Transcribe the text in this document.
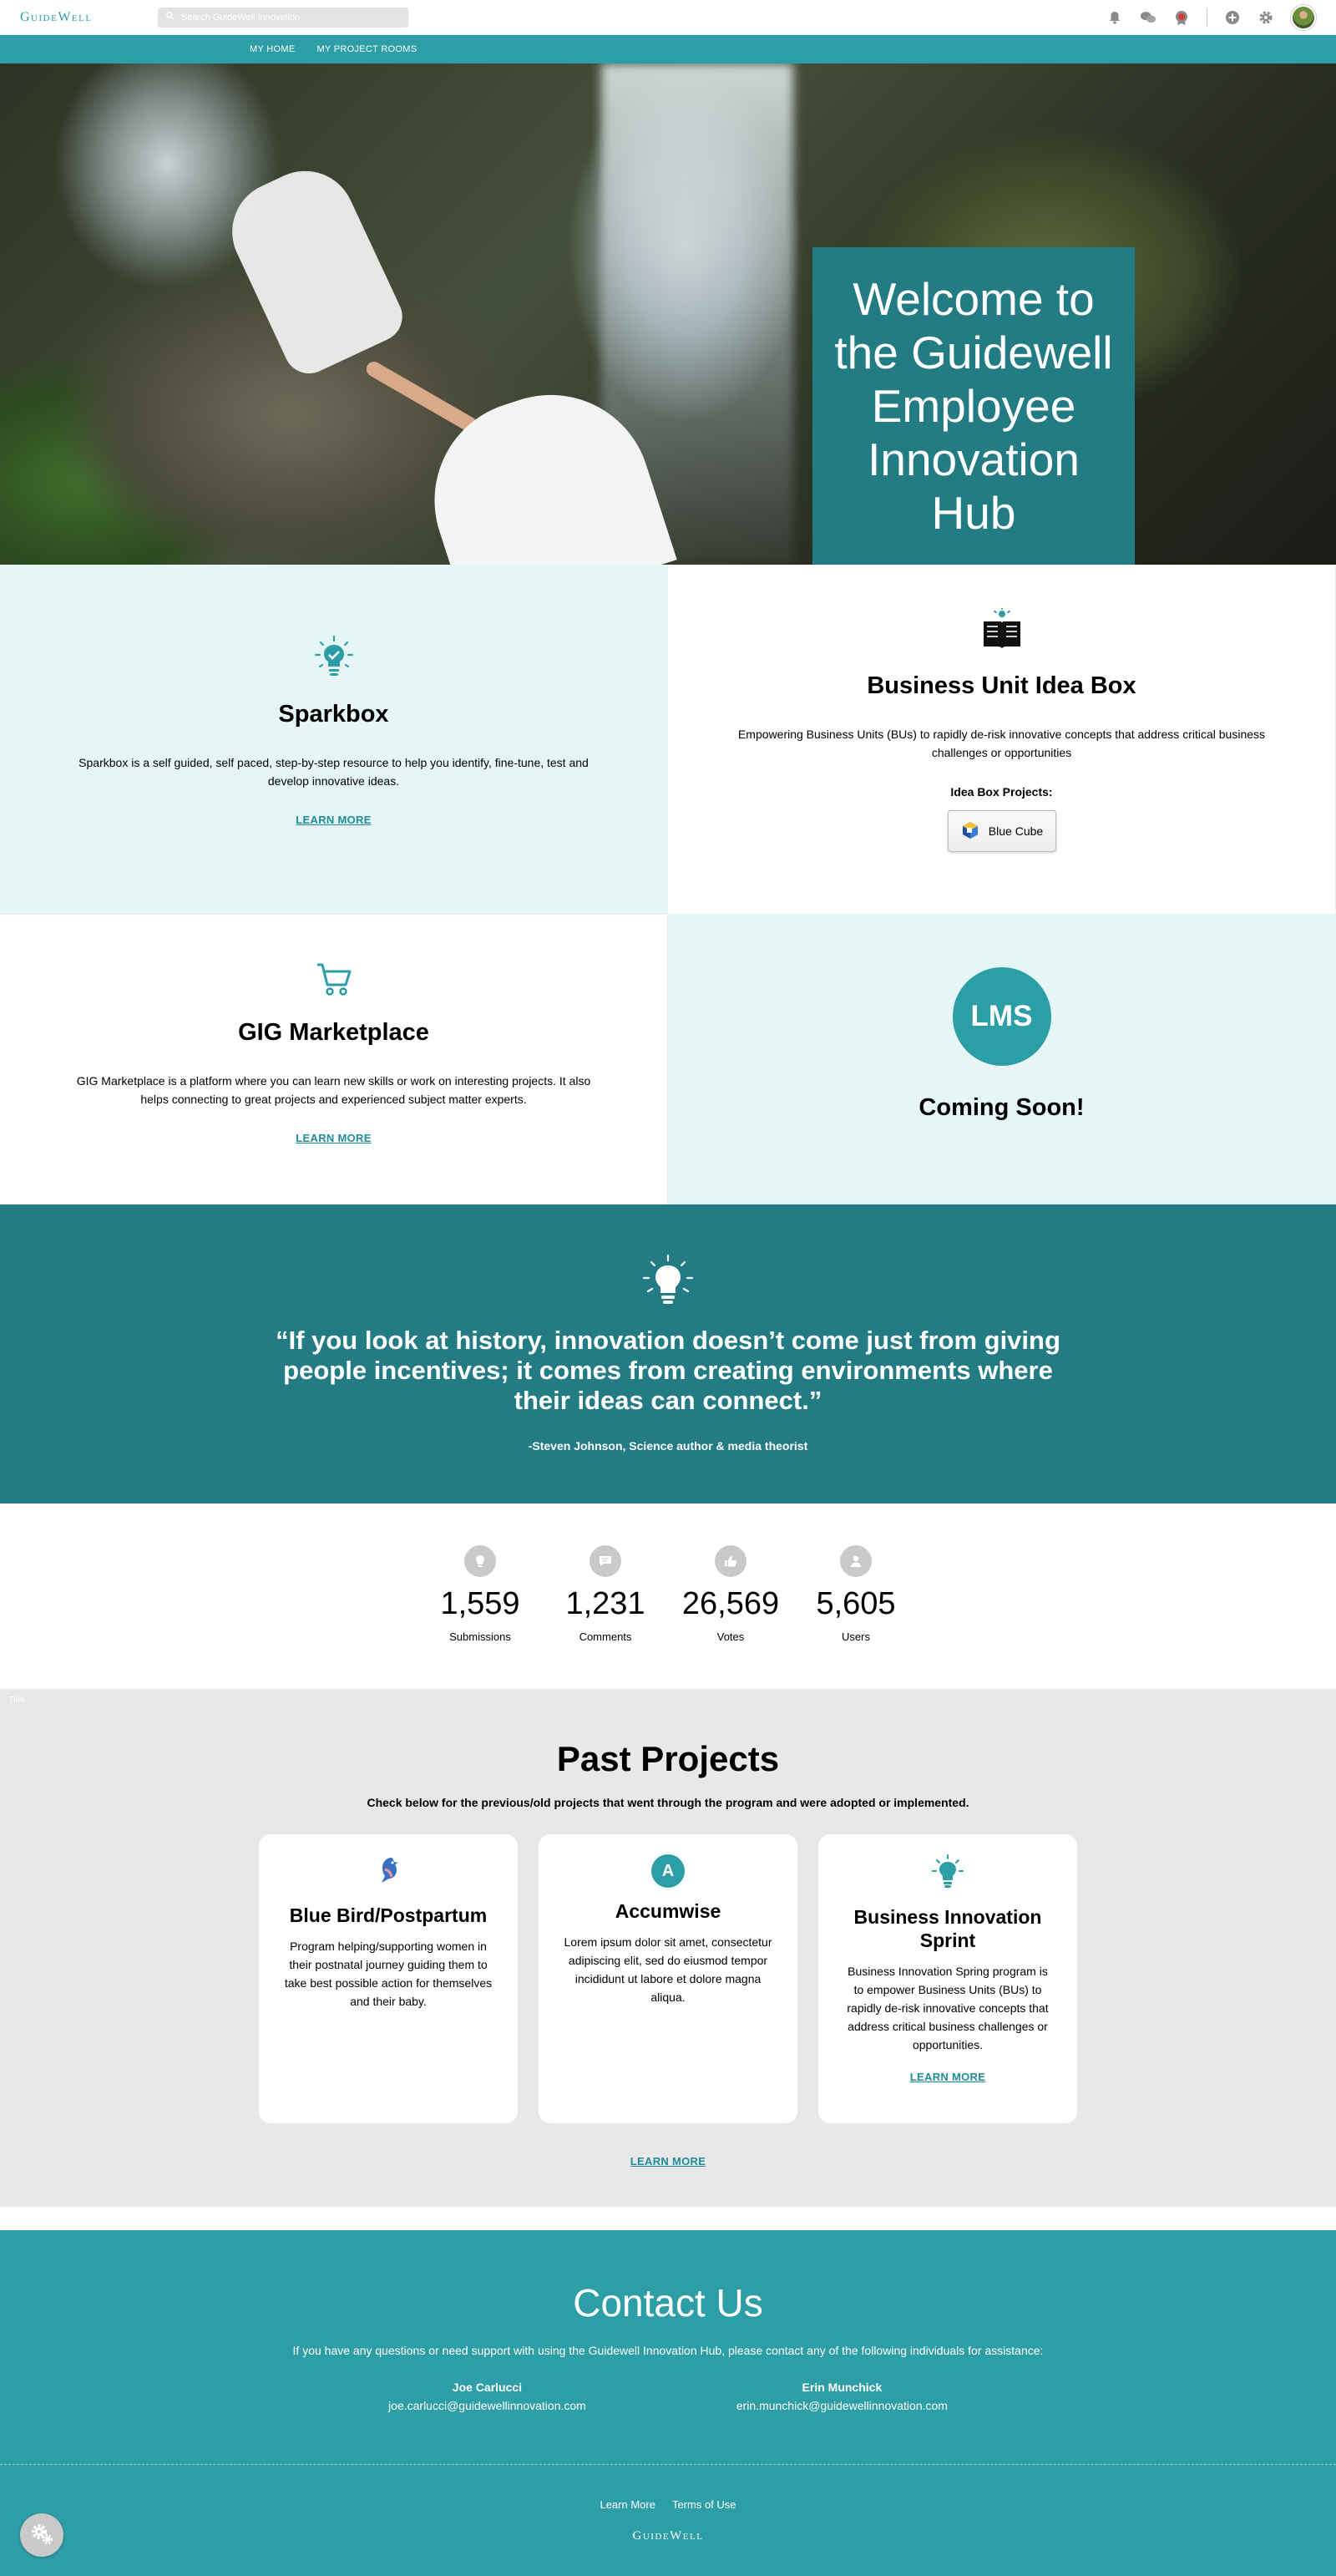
GuideWell	Search GuideWell Innovation
MY HOME MY PROJECT ROOMS
Welcome to the Guidewell Employee Innovation Hub
Sparkbox

Sparkbox is a self guided, self paced, step-by-step resource to help you identify, fine-tune, test and develop innovative ideas.

LEARN MORE
Business Unit Idea Box

Empowering Business Units (BUs) to rapidly de-risk innovative concepts that address critical business challenges or opportunities

Idea Box Projects:
Blue Cube
GIG Marketplace

GIG Marketplace is a platform where you can learn new skills or work on interesting projects. It also helps connecting to great projects and experienced subject matter experts.

LEARN MORE
LMS
Coming Soon!
“If you look at history, innovation doesn’t come just from giving people incentives; it comes from creating environments where their ideas can connect.”
-Steven Johnson, Science author & media theorist
1,559
Submissions
1,231
Comments
26,569
Votes
5,605
Users
This
Past Projects
Check below for the previous/old projects that went through the program and were adopted or implemented.
Blue Bird/Postpartum

Program helping/supporting women in their postnatal journey guiding them to take best possible action for themselves and their baby.

A
Accumwise

Lorem ipsum dolor sit amet, consectetur adipiscing elit, sed do eiusmod tempor incididunt ut labore et dolore magna aliqua.

Business Innovation Sprint

Business Innovation Spring program is to empower Business Units (BUs) to rapidly de-risk innovative concepts that address critical business challenges or opportunities.

LEARN MORE
LEARN MORE
Contact Us
If you have any questions or need support with using the Guidewell Innovation Hub, please contact any of the following individuals for assistance:
Joe Carlucci
joe.carlucci@guidewellinnovation.com
Erin Munchick
erin.munchick@guidewellinnovation.com
Learn More Terms of Use
GuideWell
